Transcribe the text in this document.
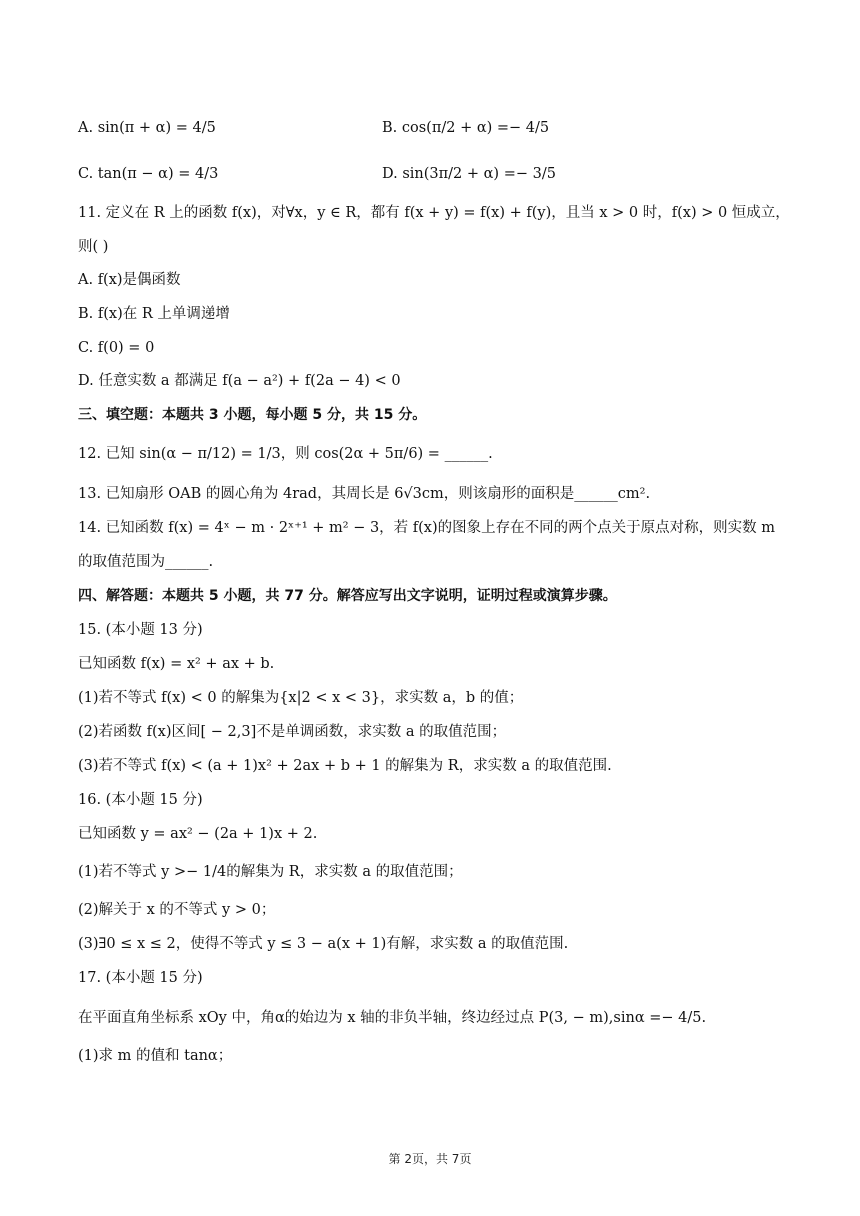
A. sin(π + α) = 4/5	B. cos(π/2 + α) =− 4/5
C. tan(π − α) = 4/3	D. sin(3π/2 + α) =− 3/5
11. 定义在 R 上的函数 f(x)，对∀x，y ∈ R，都有 f(x + y) = f(x) + f(y)，且当 x > 0 时，f(x) > 0 恒成立，
则( )
A. f(x)是偶函数
B. f(x)在 R 上单调递增
C. f(0) = 0
D. 任意实数 a 都满足 f(a − a²) + f(2a − 4) < 0
三、填空题：本题共 3 小题，每小题 5 分，共 15 分。
12. 已知 sin(α − π/12) = 1/3，则 cos(2α + 5π/6) = ______.
13. 已知扇形 OAB 的圆心角为 4rad，其周长是 6√3cm，则该扇形的面积是______cm².
14. 已知函数 f(x) = 4ˣ − m · 2ˣ⁺¹ + m² − 3，若 f(x)的图象上存在不同的两个点关于原点对称，则实数 m
的取值范围为______.
四、解答题：本题共 5 小题，共 77 分。解答应写出文字说明，证明过程或演算步骤。
15. (本小题 13 分)
已知函数 f(x) = x² + ax + b.
(1)若不等式 f(x) < 0 的解集为{x|2 < x < 3}，求实数 a，b 的值；
(2)若函数 f(x)区间[ − 2,3]不是单调函数，求实数 a 的取值范围；
(3)若不等式 f(x) < (a + 1)x² + 2ax + b + 1 的解集为 R，求实数 a 的取值范围.
16. (本小题 15 分)
已知函数 y = ax² − (2a + 1)x + 2.
(1)若不等式 y >− 1/4的解集为 R，求实数 a 的取值范围；
(2)解关于 x 的不等式 y > 0；
(3)∃0 ≤ x ≤ 2，使得不等式 y ≤ 3 − a(x + 1)有解，求实数 a 的取值范围.
17. (本小题 15 分)
在平面直角坐标系 xOy 中，角α的始边为 x 轴的非负半轴，终边经过点 P(3, − m),sinα =− 4/5.
(1)求 m 的值和 tanα；
第 2页，共 7页
